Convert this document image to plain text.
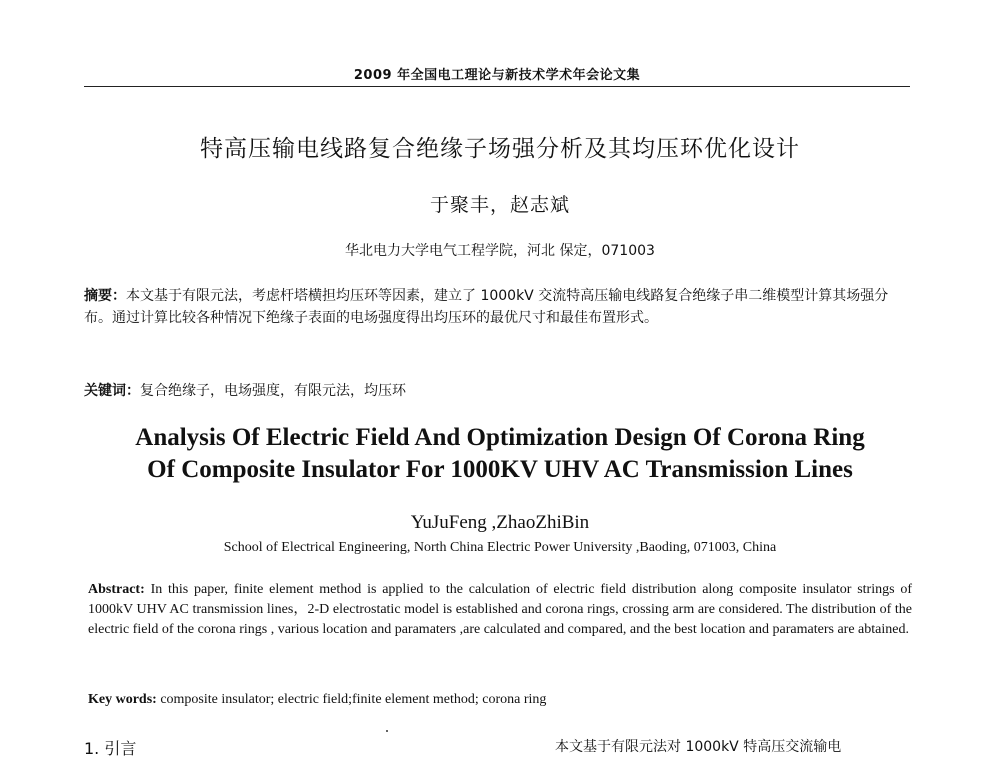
2009 年全国电工理论与新技术学术年会论文集
特高压输电线路复合绝缘子场强分析及其均压环优化设计
于聚丰，赵志斌
华北电力大学电气工程学院，河北 保定，071003
摘要：本文基于有限元法，考虑杆塔横担均压环等因素，建立了 1000kV 交流特高压输电线路复合绝缘子串二维模型计算其场强分布。通过计算比较各种情况下绝缘子表面的电场强度得出均压环的最优尺寸和最佳布置形式。
关键词：复合绝缘子，电场强度，有限元法，均压环
Analysis Of Electric Field And Optimization Design Of Corona Ring
Of Composite Insulator For 1000KV UHV AC Transmission Lines
YuJuFeng ,ZhaoZhiBin
School of Electrical Engineering, North China Electric Power University ,Baoding, 071003, China
Abstract: In this paper, finite element method is applied to the calculation of electric field distribution along composite insulator strings of 1000kV UHV AC transmission lines，2-D electrostatic model is established and corona rings, crossing arm are considered. The distribution of the electric field of the corona rings , various location and paramaters ,are calculated and compared, and the best location and paramaters are abtained.
Key words: composite insulator; electric field;finite element method; corona ring
1. 引言	本文基于有限元法对 1000kV 特高压交流输电
